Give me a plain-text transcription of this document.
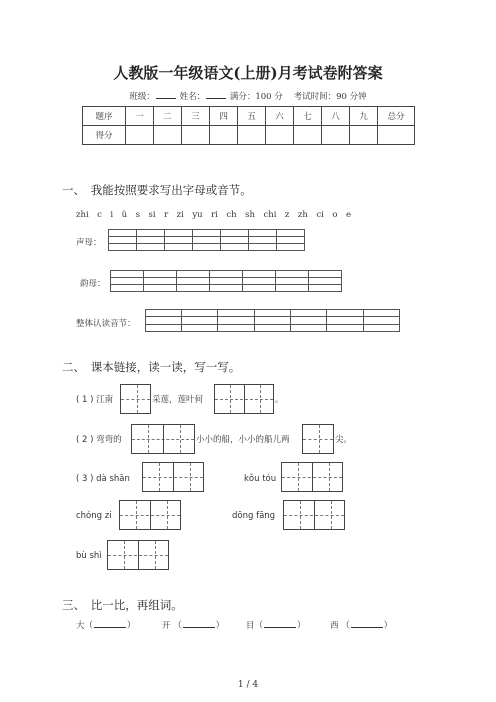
人教版一年级语文(上册)月考试卷附答案
班级：	姓名：	满分：100 分 考试时间：90 分钟
题序	一	二	三	四	五	六	七	八	九	总分
得分										
一、　我能按照要求写出字母或音节。
zhi　c　i　ü　s　si　r　zi　yu　ri　ch　sh　chi　z　zh　ci　o　e
声母：
韵母：
整体认读音节：
二、　课本链接，读一读，写一写。
( 1 ) 江南	采莲，莲叶何	。
( 2 ) 弯弯的	小小的船，小小的船儿两	尖。
( 3 ) dà shān	kǒu tóu
chóng zi	dōng fāng
bù shì
三、　比一比，再组词。
大（	）	开 （	）	目（	）	西 （	）
1 / 4
